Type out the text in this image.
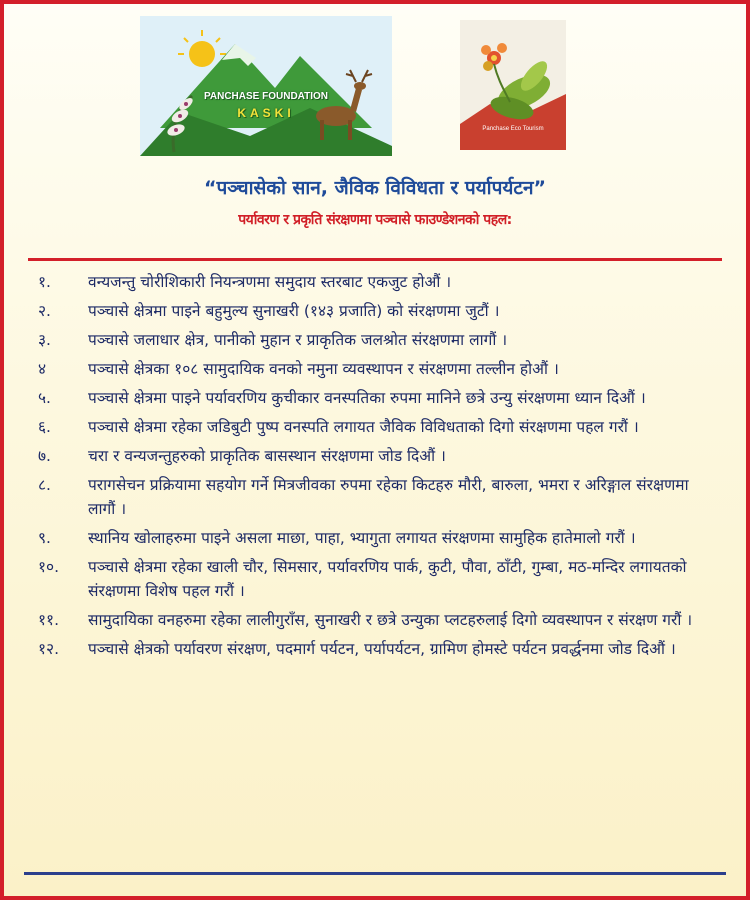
PANCHASE FOUNDATION
KASKI
Panchase Eco Tourism
“पञ्चासेको सान, जैविक विविधता र पर्यापर्यटन”
पर्यावरण र प्रकृति संरक्षणमा पञ्चासे फाउण्डेशनको पहल:
१.	वन्यजन्तु चोरीशिकारी नियन्त्रणमा समुदाय स्तरबाट एकजुट होऔं ।
२.	पञ्चासे क्षेत्रमा पाइने बहुमुल्य सुनाखरी (१४३ प्रजाति) को संरक्षणमा जुटौं ।
३.	पञ्चासे जलाधार क्षेत्र, पानीको मुहान र प्राकृतिक जलश्रोत संरक्षणमा लागौं ।
४	पञ्चासे क्षेत्रका १०८ सामुदायिक वनको नमुना व्यवस्थापन र संरक्षणमा तल्लीन होऔं ।
५.	पञ्चासे क्षेत्रमा पाइने पर्यावरणिय कुचीकार वनस्पतिका रुपमा मानिने छत्रे उन्यु संरक्षणमा ध्यान दिऔं ।
६.	पञ्चासे क्षेत्रमा रहेका जडिबुटी पुष्प वनस्पति लगायत जैविक विविधताको दिगो संरक्षणमा पहल गरौं ।
७.	चरा र वन्यजन्तुहरुको प्राकृतिक बासस्थान संरक्षणमा जोड दिऔं ।
८.	परागसेचन प्रक्रियामा सहयोग गर्ने मित्रजीवका रुपमा रहेका किटहरु मौरी, बारुला, भमरा र अरिङ्गाल संरक्षणमा लागौं ।
९.	स्थानिय खोलाहरुमा पाइने असला माछा, पाहा, भ्यागुता लगायत संरक्षणमा सामुहिक हातेमालो गरौं ।
१०.	पञ्चासे क्षेत्रमा रहेका खाली चौर, सिमसार, पर्यावरणिय पार्क, कुटी, पौवा, ठाँटी, गुम्बा, मठ-मन्दिर लगायतको संरक्षणमा विशेष पहल गरौं ।
११.	सामुदायिका वनहरुमा रहेका लालीगुराँस, सुनाखरी र छत्रे उन्युका प्लटहरुलाई दिगो व्यवस्थापन र संरक्षण गरौं ।
१२.	पञ्चासे क्षेत्रको पर्यावरण संरक्षण, पदमार्ग पर्यटन, पर्यापर्यटन, ग्रामिण होमस्टे पर्यटन प्रवर्द्धनमा जोड दिऔं ।
